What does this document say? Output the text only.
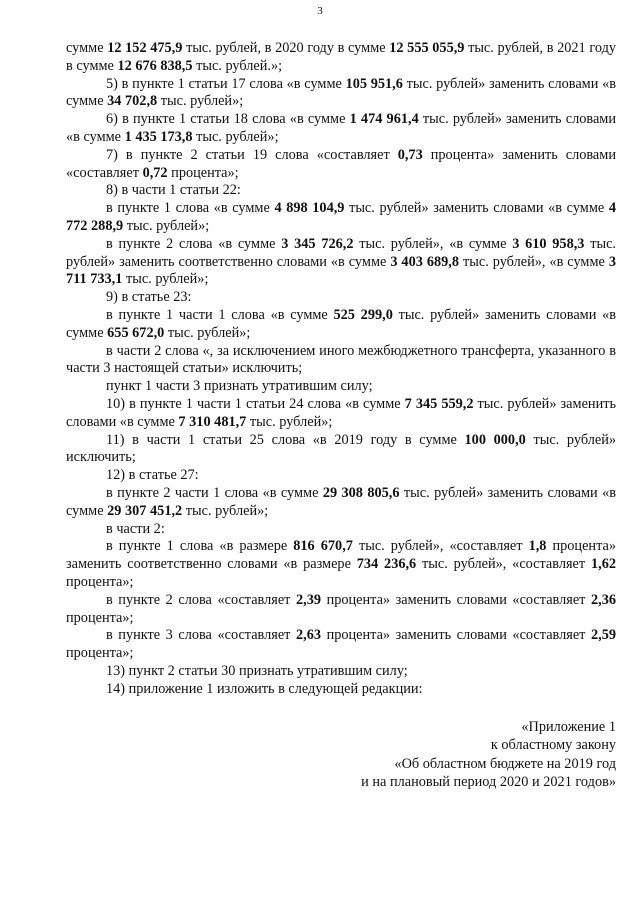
3

сумме 12 152 475,9 тыс. рублей, в 2020 году в сумме 12 555 055,9 тыс. рублей, в 2021 году в сумме 12 676 838,5 тыс. рублей.»;

5) в пункте 1 статьи 17 слова «в сумме 105 951,6 тыс. рублей» заменить словами «в сумме 34 702,8 тыс. рублей»;

6) в пункте 1 статьи 18 слова «в сумме 1 474 961,4 тыс. рублей» заменить словами «в сумме 1 435 173,8 тыс. рублей»;

7) в пункте 2 статьи 19 слова «составляет 0,73 процента» заменить словами «составляет 0,72 процента»;

8) в части 1 статьи 22:

в пункте 1 слова «в сумме 4 898 104,9 тыс. рублей» заменить словами «в сумме 4 772 288,9 тыс. рублей»;

в пункте 2 слова «в сумме 3 345 726,2 тыс. рублей», «в сумме 3 610 958,3 тыс. рублей» заменить соответственно словами «в сумме 3 403 689,8 тыс. рублей», «в сумме 3 711 733,1 тыс. рублей»;

9) в статье 23:

в пункте 1 части 1 слова «в сумме 525 299,0 тыс. рублей» заменить словами «в сумме 655 672,0 тыс. рублей»;

в части 2 слова «, за исключением иного межбюджетного трансферта, указанного в части 3 настоящей статьи» исключить;

пункт 1 части 3 признать утратившим силу;

10) в пункте 1 части 1 статьи 24 слова «в сумме 7 345 559,2 тыс. рублей» заменить словами «в сумме 7 310 481,7 тыс. рублей»;

11) в части 1 статьи 25 слова «в 2019 году в сумме 100 000,0 тыс. рублей» исключить;

12) в статье 27:

в пункте 2 части 1 слова «в сумме 29 308 805,6 тыс. рублей» заменить словами «в сумме 29 307 451,2 тыс. рублей»;

в части 2:

в пункте 1 слова «в размере 816 670,7 тыс. рублей», «составляет 1,8 процента» заменить соответственно словами «в размере 734 236,6 тыс. рублей», «составляет 1,62 процента»;

в пункте 2 слова «составляет 2,39 процента» заменить словами «составляет 2,36 процента»;

в пункте 3 слова «составляет 2,63 процента» заменить словами «составляет 2,59 процента»;

13) пункт 2 статьи 30 признать утратившим силу;

14) приложение 1 изложить в следующей редакции:

«Приложение 1
к областному закону
«Об областном бюджете на 2019 год
и на плановый период 2020 и 2021 годов»
